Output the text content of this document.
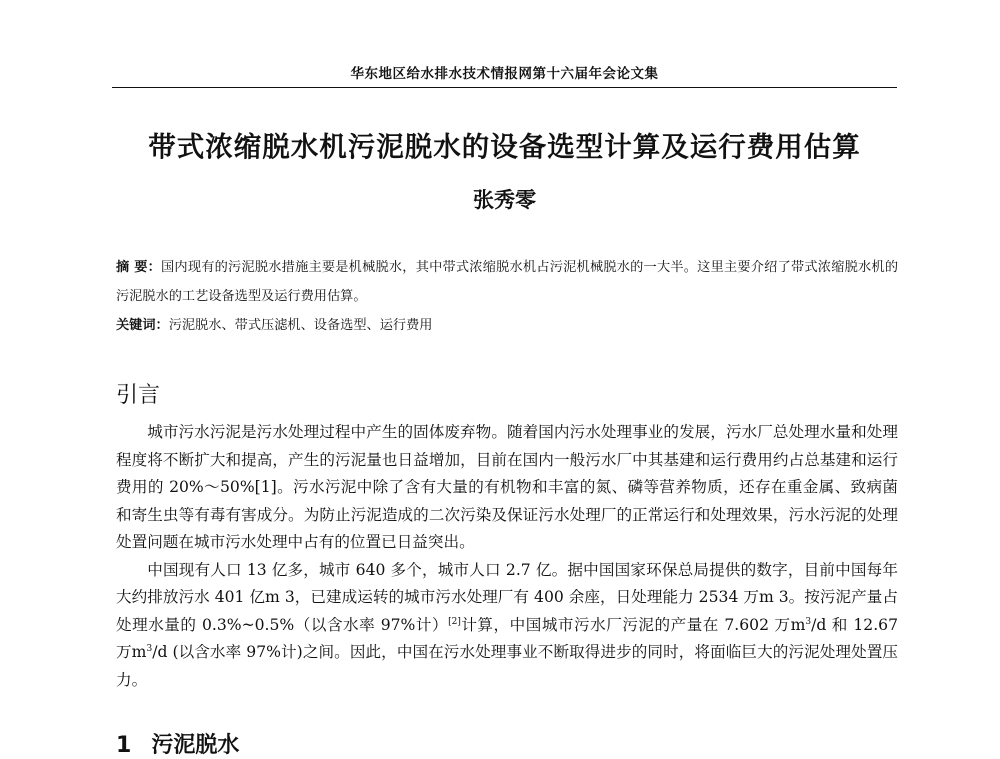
华东地区给水排水技术情报网第十六届年会论文集
带式浓缩脱水机污泥脱水的设备选型计算及运行费用估算
张秀零
摘 要：国内现有的污泥脱水措施主要是机械脱水，其中带式浓缩脱水机占污泥机械脱水的一大半。这里主要介绍了带式浓缩脱水机的污泥脱水的工艺设备选型及运行费用估算。
关键词：污泥脱水、带式压滤机、设备选型、运行费用
引言

城市污水污泥是污水处理过程中产生的固体废弃物。随着国内污水处理事业的发展，污水厂总处理水量和处理程度将不断扩大和提高，产生的污泥量也日益增加，目前在国内一般污水厂中其基建和运行费用约占总基建和运行费用的 20%～50%[1]。污水污泥中除了含有大量的有机物和丰富的氮、磷等营养物质，还存在重金属、致病菌和寄生虫等有毒有害成分。为防止污泥造成的二次污染及保证污水处理厂的正常运行和处理效果，污水污泥的处理处置问题在城市污水处理中占有的位置已日益突出。

中国现有人口 13 亿多，城市 640 多个，城市人口 2.7 亿。据中国国家环保总局提供的数字，目前中国每年大约排放污水 401 亿m 3，已建成运转的城市污水处理厂有 400 余座，日处理能力 2534 万m 3。按污泥产量占处理水量的 0.3%~0.5%（以含水率 97%计）[2]计算，中国城市污水厂污泥的产量在 7.602 万$m^3/d$ 和 12.67 万$m^3/d$ (以含水率 97%计)之间。因此，中国在污水处理事业不断取得进步的同时，将面临巨大的污泥处理处置压力。

1 污泥脱水
